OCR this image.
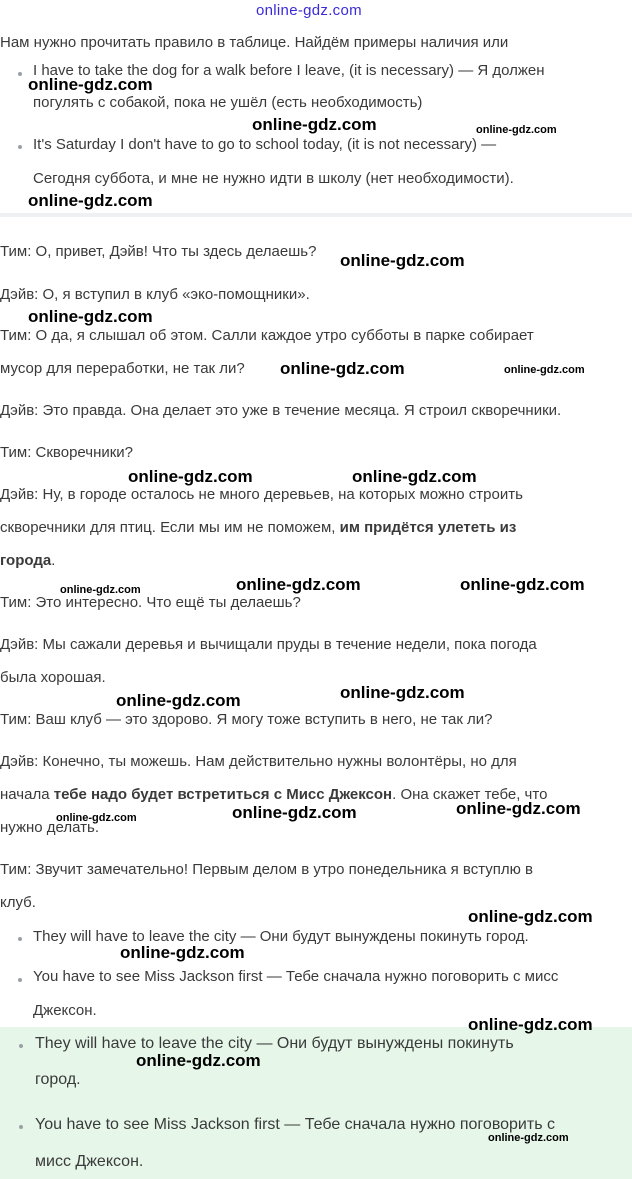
online-gdz.com
Нам нужно прочитать правило в таблице. Найдём примеры наличия или
I have to take the dog for a walk before I leave, (it is necessary) — Я должен
погулять с собакой, пока не ушёл (есть необходимость)
It's Saturday I don't have to go to school today, (it is not necessary) —
Сегодня суббота, и мне не нужно идти в школу (нет необходимости).
Тим: О, привет, Дэйв! Что ты здесь делаешь?
Дэйв: О, я вступил в клуб «эко-помощники».
Тим: О да, я слышал об этом. Салли каждое утро субботы в парке собирает
мусор для переработки, не так ли?
Дэйв: Это правда. Она делает это уже в течение месяца. Я строил скворечники.
Тим: Скворечники?
Дэйв: Ну, в городе осталось не много деревьев, на которых можно строить
скворечники для птиц. Если мы им не поможем, им придётся улететь из
города.
Тим: Это интересно. Что ещё ты делаешь?
Дэйв: Мы сажали деревья и вычищали пруды в течение недели, пока погода
была хорошая.
Тим: Ваш клуб — это здорово. Я могу тоже вступить в него, не так ли?
Дэйв: Конечно, ты можешь. Нам действительно нужны волонтёры, но для
начала тебе надо будет встретиться с Мисс Джексон. Она скажет тебе, что
нужно делать.
Тим: Звучит замечательно! Первым делом в утро понедельника я вступлю в
клуб.
They will have to leave the city — Они будут вынуждены покинуть город.
You have to see Miss Jackson first — Тебе сначала нужно поговорить с мисс
Джексон.
They will have to leave the city — Они будут вынуждены покинуть
город.
You have to see Miss Jackson first — Тебе сначала нужно поговорить с
мисс Джексон.
online-gdz.com
online-gdz.com	online-gdz.com
online-gdz.com
online-gdz.com
online-gdz.com
online-gdz.com	online-gdz.com
online-gdz.com	online-gdz.com
online-gdz.com	online-gdz.com	online-gdz.com
online-gdz.com	online-gdz.com
online-gdz.com	online-gdz.com	online-gdz.com
online-gdz.com
online-gdz.com
online-gdz.com
online-gdz.com
online-gdz.com
